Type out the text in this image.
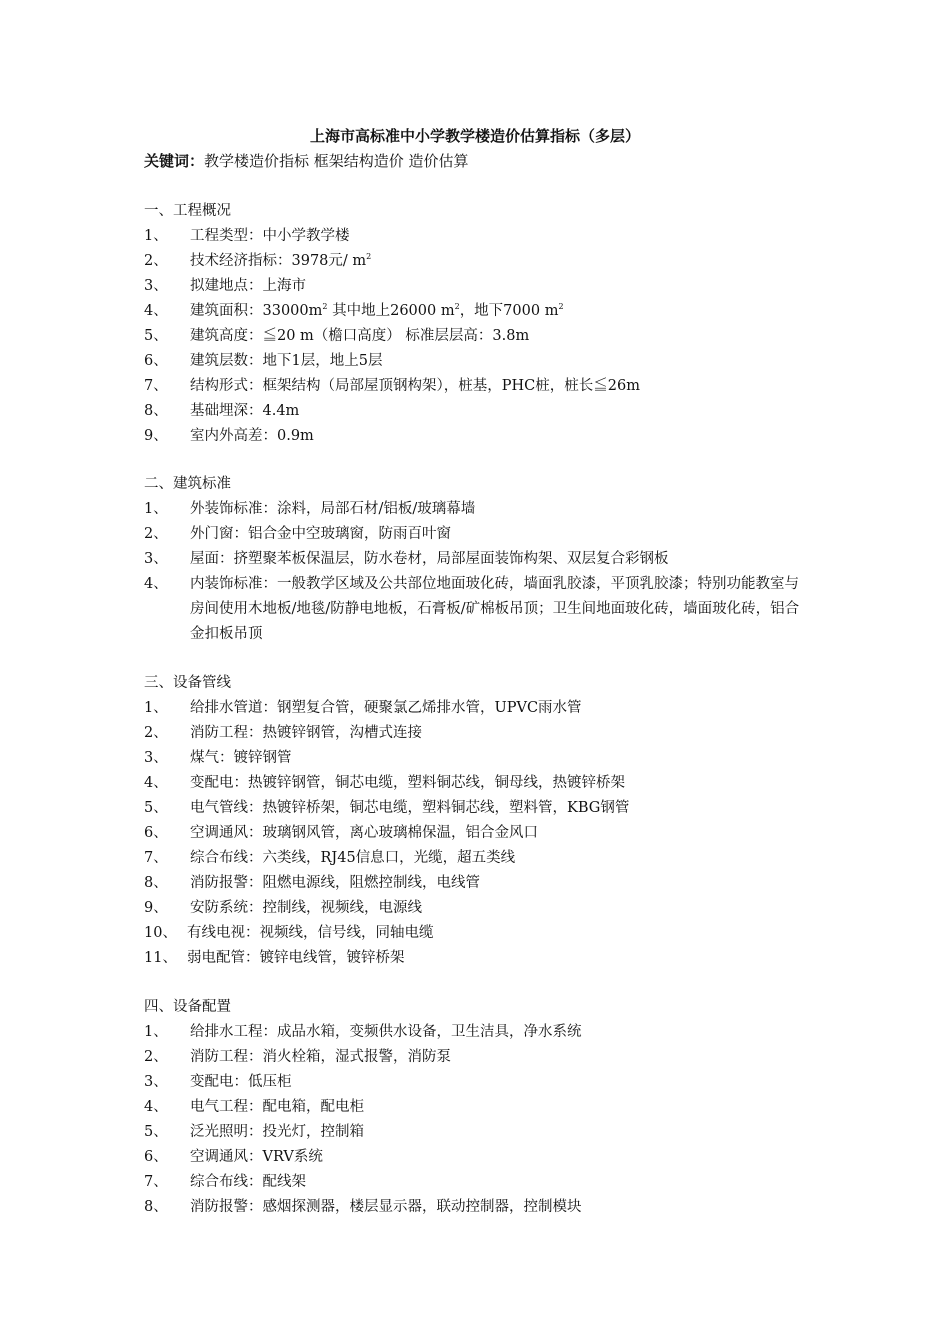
上海市高标准中小学教学楼造价估算指标（多层）
关键词：教学楼造价指标 框架结构造价 造价估算
一、工程概况
1、	工程类型：中小学教学楼
2、	技术经济指标：3978元/ $m^2$
3、	拟建地点：上海市
4、	建筑面积：$33000m^2$ 其中地上26000 $m^2$，地下7000 $m^2$
5、	建筑高度：≦20 m（檐口高度） 标准层层高：3.8m
6、	建筑层数：地下1层，地上5层
7、	结构形式：框架结构（局部屋顶钢构架），桩基，PHC桩，桩长≦26m
8、	基础埋深：4.4m
9、	室内外高差：0.9m
二、建筑标准
1、	外装饰标准：涂料，局部石材/铝板/玻璃幕墙
2、	外门窗：铝合金中空玻璃窗，防雨百叶窗
3、	屋面：挤塑聚苯板保温层，防水卷材，局部屋面装饰构架、双层复合彩钢板
4、	内装饰标准：一般教学区域及公共部位地面玻化砖，墙面乳胶漆，平顶乳胶漆；特别功能教室与房间使用木地板/地毯/防静电地板，石膏板/矿棉板吊顶；卫生间地面玻化砖，墙面玻化砖，铝合金扣板吊顶
三、设备管线
1、	给排水管道：钢塑复合管，硬聚氯乙烯排水管，UPVC雨水管
2、	消防工程：热镀锌钢管，沟槽式连接
3、	煤气：镀锌钢管
4、	变配电：热镀锌钢管，铜芯电缆，塑料铜芯线，铜母线，热镀锌桥架
5、	电气管线：热镀锌桥架，铜芯电缆，塑料铜芯线，塑料管，KBG钢管
6、	空调通风：玻璃钢风管，离心玻璃棉保温，铝合金风口
7、	综合布线：六类线，RJ45信息口，光缆，超五类线
8、	消防报警：阻燃电源线，阻燃控制线，电线管
9、	安防系统：控制线，视频线，电源线
10、 有线电视：视频线，信号线，同轴电缆
11、 弱电配管：镀锌电线管，镀锌桥架
四、设备配置
1、	给排水工程：成品水箱，变频供水设备，卫生洁具，净水系统
2、	消防工程：消火栓箱，湿式报警，消防泵
3、	变配电：低压柜
4、	电气工程：配电箱，配电柜
5、	泛光照明：投光灯，控制箱
6、	空调通风：VRV系统
7、	综合布线：配线架
8、	消防报警：感烟探测器，楼层显示器，联动控制器，控制模块
